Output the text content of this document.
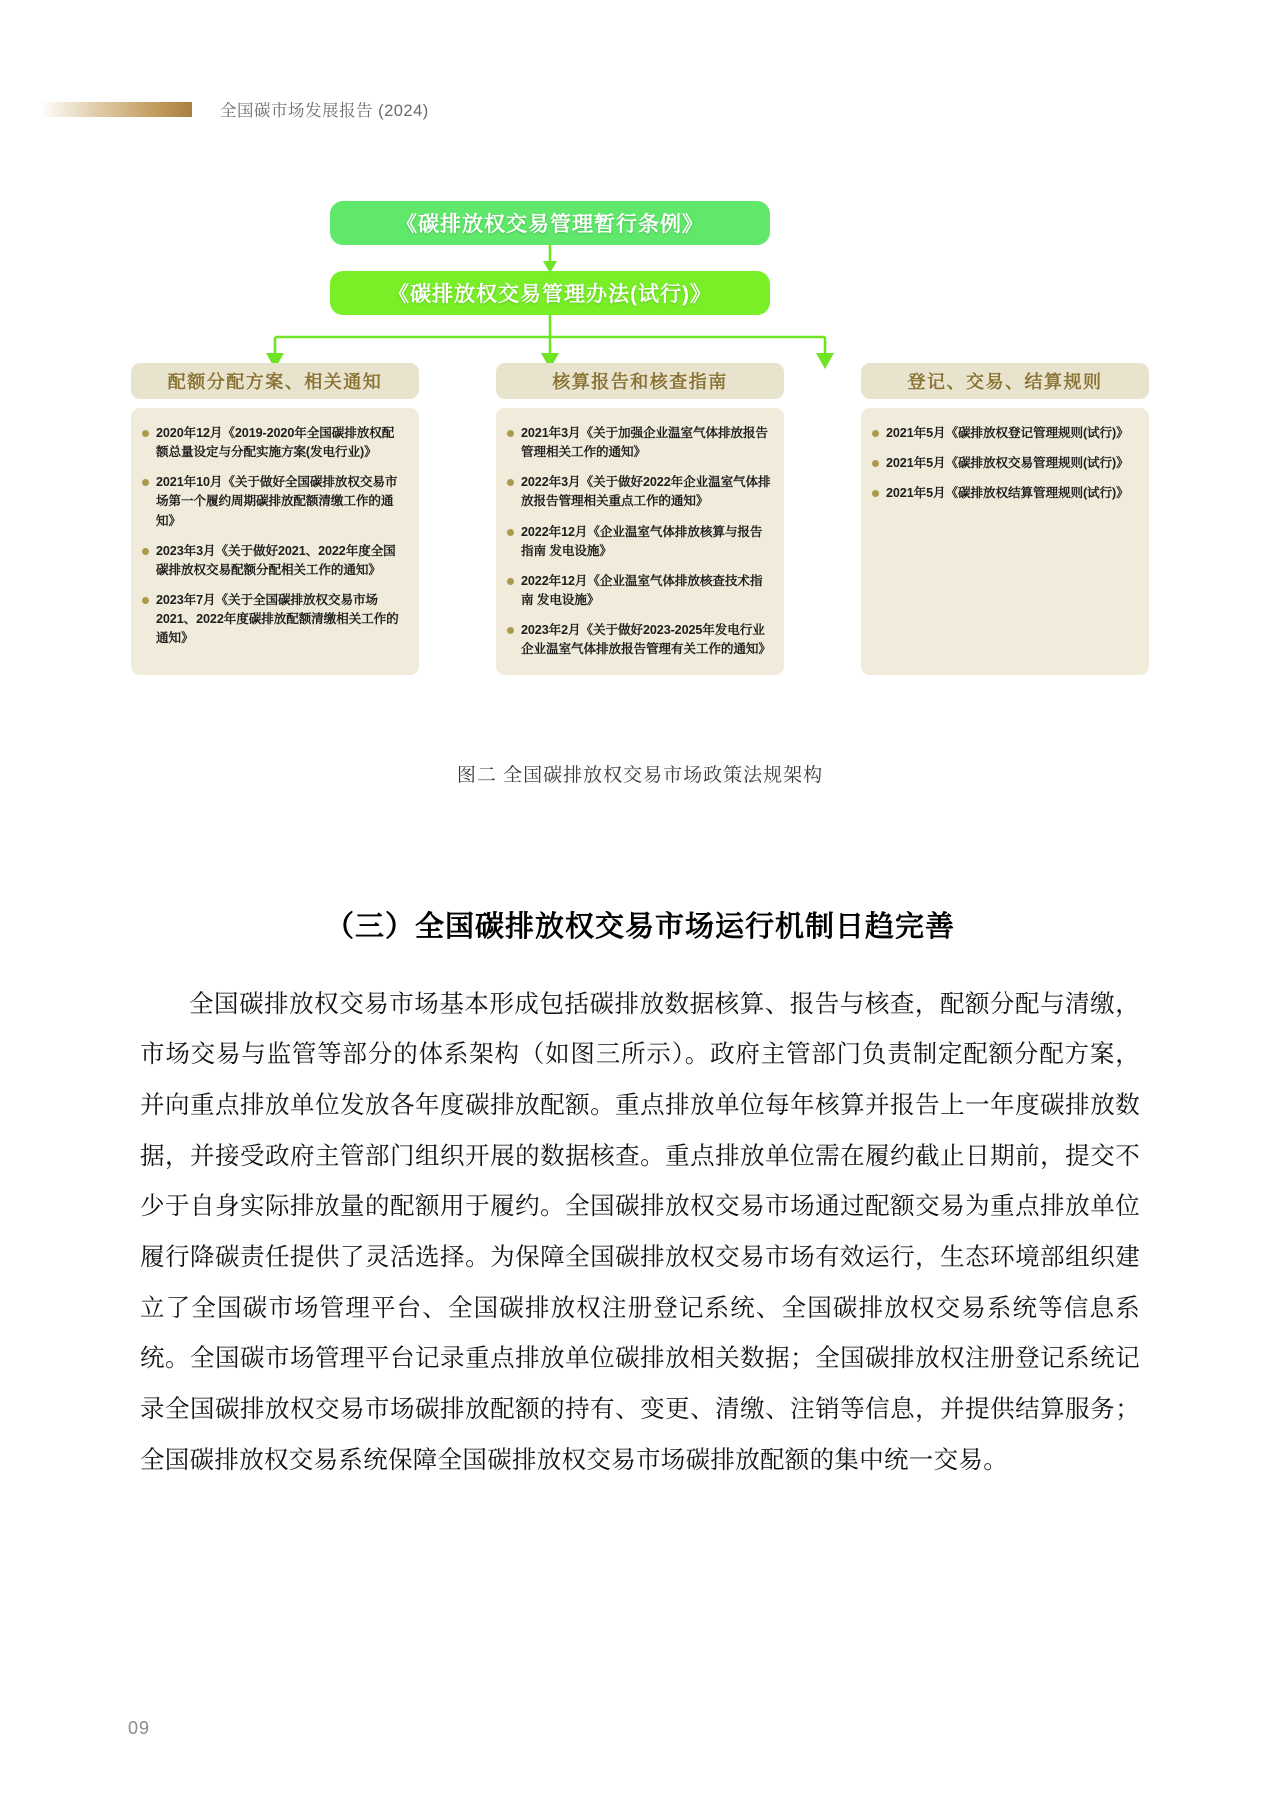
全国碳市场发展报告 (2024)
《碳排放权交易管理暂行条例》
《碳排放权交易管理办法(试行)》
配额分配方案、相关通知
2020年12月《2019-2020年全国碳排放权配额总量设定与分配实施方案(发电行业)》
2021年10月《关于做好全国碳排放权交易市场第一个履约周期碳排放配额清缴工作的通知》
2023年3月《关于做好2021、2022年度全国碳排放权交易配额分配相关工作的通知》
2023年7月《关于全国碳排放权交易市场2021、2022年度碳排放配额清缴相关工作的通知》
核算报告和核查指南
2021年3月《关于加强企业温室气体排放报告管理相关工作的通知》
2022年3月《关于做好2022年企业温室气体排放报告管理相关重点工作的通知》
2022年12月《企业温室气体排放核算与报告指南 发电设施》
2022年12月《企业温室气体排放核查技术指南 发电设施》
2023年2月《关于做好2023-2025年发电行业企业温室气体排放报告管理有关工作的通知》
登记、交易、结算规则
2021年5月《碳排放权登记管理规则(试行)》
2021年5月《碳排放权交易管理规则(试行)》
2021年5月《碳排放权结算管理规则(试行)》
图二 全国碳排放权交易市场政策法规架构
（三）全国碳排放权交易市场运行机制日趋完善

全国碳排放权交易市场基本形成包括碳排放数据核算、报告与核查，配额分配与清缴，市场交易与监管等部分的体系架构（如图三所示）。政府主管部门负责制定配额分配方案，并向重点排放单位发放各年度碳排放配额。重点排放单位每年核算并报告上一年度碳排放数据，并接受政府主管部门组织开展的数据核查。重点排放单位需在履约截止日期前，提交不少于自身实际排放量的配额用于履约。全国碳排放权交易市场通过配额交易为重点排放单位履行降碳责任提供了灵活选择。为保障全国碳排放权交易市场有效运行，生态环境部组织建立了全国碳市场管理平台、全国碳排放权注册登记系统、全国碳排放权交易系统等信息系统。全国碳市场管理平台记录重点排放单位碳排放相关数据；全国碳排放权注册登记系统记录全国碳排放权交易市场碳排放配额的持有、变更、清缴、注销等信息，并提供结算服务；全国碳排放权交易系统保障全国碳排放权交易市场碳排放配额的集中统一交易。

09
